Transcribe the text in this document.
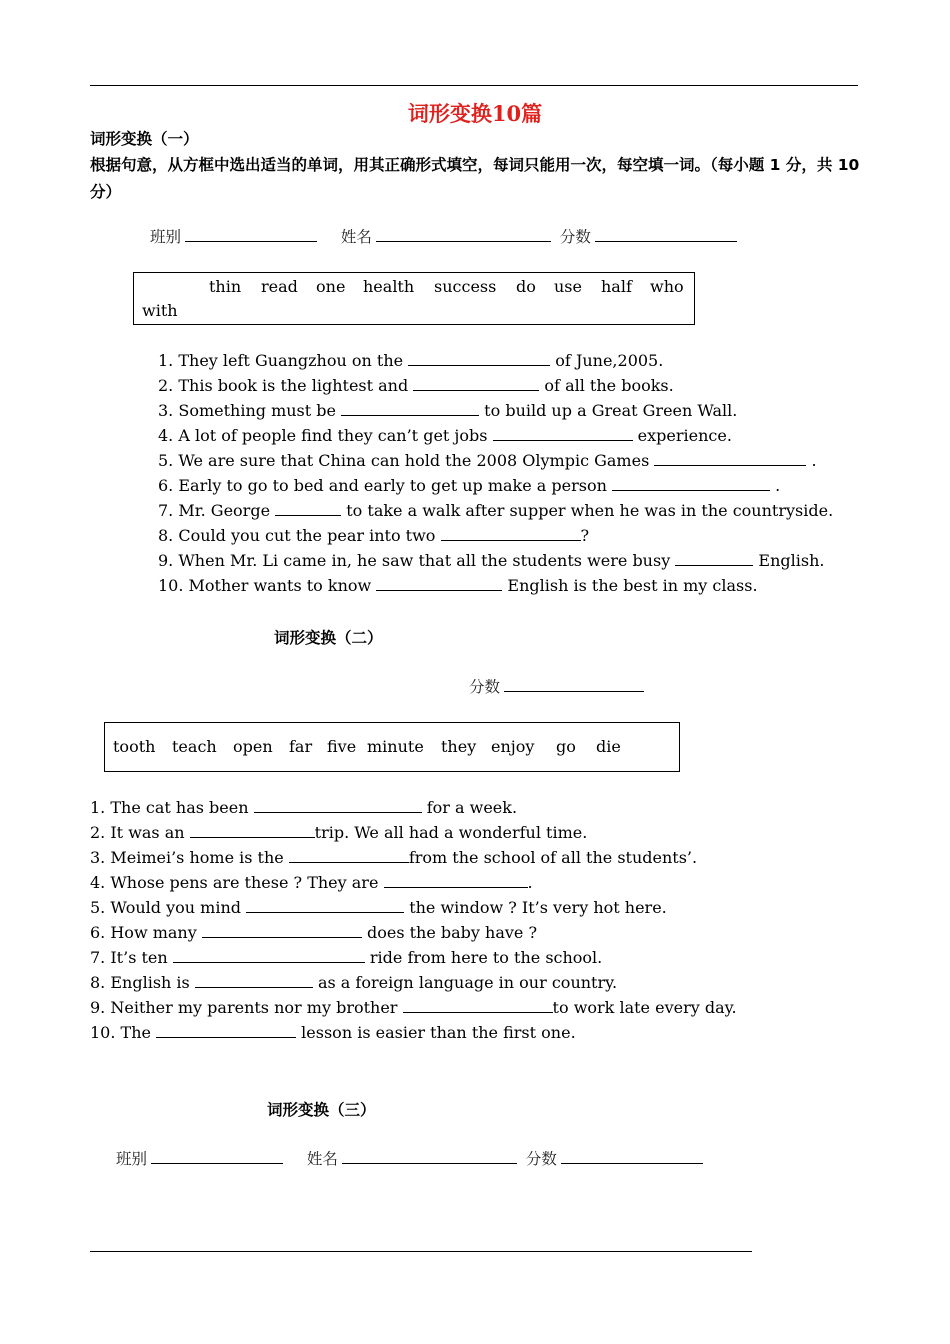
词形变换10篇
词形变换（一）
根据句意，从方框中选出适当的单词，用其正确形式填空，每词只能用一次，每空填一词。（每小题 1 分，共 10 分）
班别	姓名	分数
thin read one health success do use half who
with
1. They left Guangzhou on the	of June,2005.
2. This book is the lightest and	of all the books.
3. Something must be	to build up a Great Green Wall.
4. A lot of people find they can’t get jobs	experience.
5. We are sure that China can hold the 2008 Olympic Games	.
6. Early to go to bed and early to get up make a person	.
7. Mr. George	to take a walk after supper when he was in the countryside.
8. Could you cut the pear into two	?
9. When Mr. Li came in, he saw that all the students were busy	English.
10. Mother wants to know	English is the best in my class.
词形变换（二）
分数
tooth teach open far five minute they enjoy go die
1. The cat has been	for a week.
2. It was an	trip. We all had a wonderful time.
3. Meimei’s home is the	from the school of all the students’.
4. Whose pens are these ? They are	.
5. Would you mind	the window ? It’s very hot here.
6. How many	does the baby have ?
7. It’s ten	ride from here to the school.
8. English is	as a foreign language in our country.
9. Neither my parents nor my brother	to work late every day.
10. The	lesson is easier than the first one.
词形变换（三）
班别	姓名	分数
